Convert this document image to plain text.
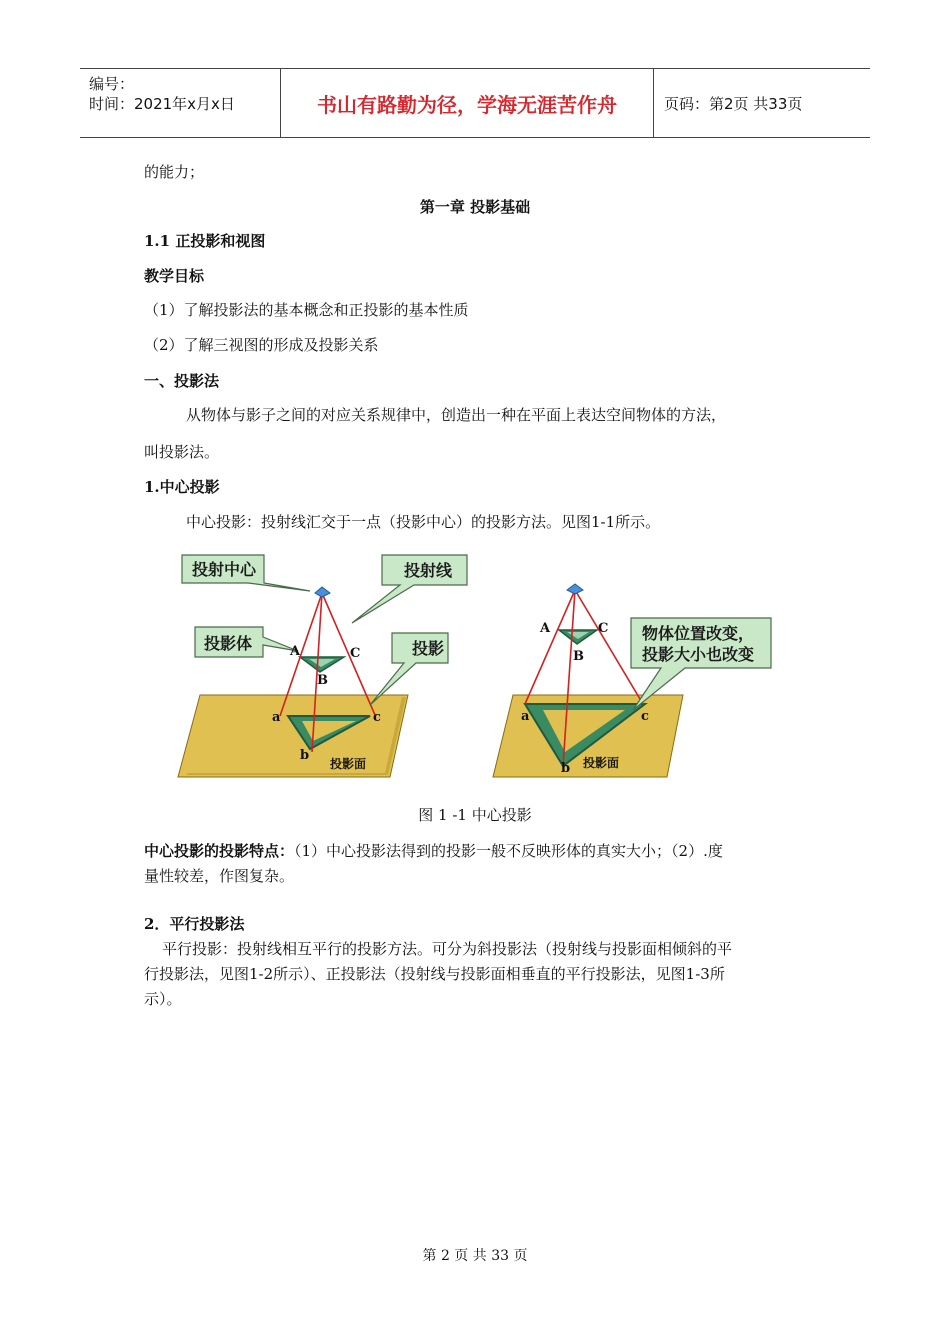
编号：
时间：2021年x月x日	书山有路勤为径，学海无涯苦作舟	页码：第2页 共33页
的能力；
第一章 投影基础
1.1 正投影和视图
教学目标
（1）了解投影法的基本概念和正投影的基本性质
（2）了解三视图的形成及投影关系
一、投影法
从物体与影子之间的对应关系规律中，创造出一种在平面上表达空间物体的方法，
叫投影法。
1.中心投影
中心投影：投射线汇交于一点（投影中心）的投影方法。见图1-1所示。
投射中心	投射线
投影体	投影
A
B
C
a
b
c
投影面
物体位置改变，
投影大小也改变
A
B
C
a
b
c
投影面
图 1 -1 中心投影
中心投影的投影特点：（1）中心投影法得到的投影一般不反映形体的真实大小；（2）.度
量性较差，作图复杂。
2．平行投影法
平行投影：投射线相互平行的投影方法。可分为斜投影法（投射线与投影面相倾斜的平
行投影法，见图1-2所示）、正投影法（投射线与投影面相垂直的平行投影法，见图1-3所
示）。
第 2 页 共 33 页
